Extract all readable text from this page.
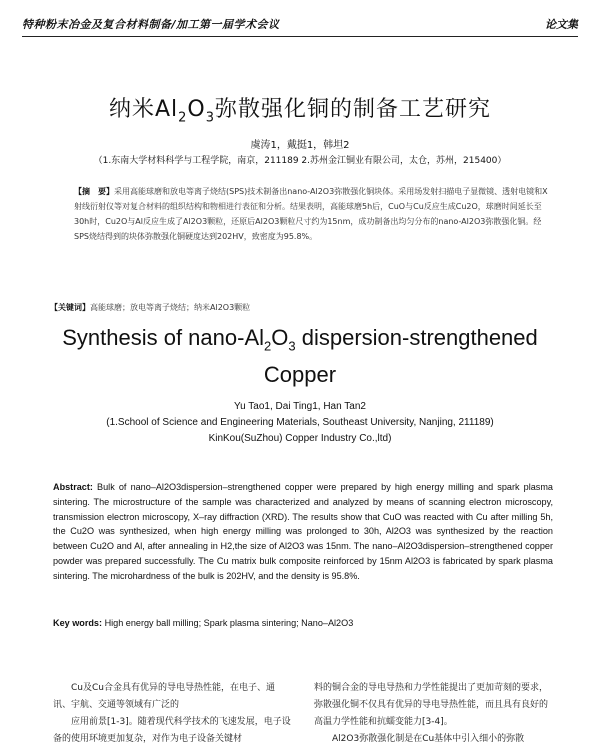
特种粉末冶金及复合材料制备/加工第一届学术会议	论文集
纳米$Al_2O_3$弥散强化铜的制备工艺研究
虞涛1，戴挺1，韩坦2
（1.东南大学材料科学与工程学院，南京，211189 2.苏州金江铜业有限公司，太仓，苏州，215400）
【摘　要】采用高能球磨和放电等离子烧结(SPS)技术制备出nano-Al2O3弥散强化铜块体。采用场发射扫描电子显微镜、透射电镜和X射线衍射仪等对复合材料的组织结构和物相进行表征和分析。结果表明，高能球磨5h后，CuO与Cu反应生成Cu2O，球磨时间延长至30h时，Cu2O与Al反应生成了Al2O3颗粒，还原后Al2O3颗粒尺寸约为15nm，成功制备出均匀分布的nano-Al2O3弥散强化铜。经SPS烧结得到的块体弥散强化铜硬度达到202HV，致密度为95.8%。
【关键词】高能球磨；放电等离子烧结；纳米Al2O3颗粒
Synthesis of nano-$Al_2O_3$ dispersion-strengthened
Copper
Yu Tao1, Dai Ting1, Han Tan2
(1.School of Science and Engineering Materials, Southeast University, Nanjing, 211189)
KinKou(SuZhou) Copper Industry Co.,ltd)
Abstract: Bulk of nano–Al2O3dispersion–strengthened copper were prepared by high energy milling and spark plasma sintering. The microstructure of the sample was characterized and analyzed by means of scanning electron microscopy, transmission electron microscopy, X–ray diffraction (XRD). The results show that CuO was reacted with Cu after milling 5h, the Cu2O was synthesized, when high energy milling was prolonged to 30h, Al2O3 was synthesized by the reaction between Cu2O and Al, after annealing in H2,the size of Al2O3 was 15nm. The nano–Al2O3dispersion–strengthened copper powder was prepared successfully. The Cu matrix bulk composite reinforced by 15nm Al2O3 is fabricated by spark plasma sintering. The microhardness of the bulk is 202HV, and the density is 95.8%.
Key words: High energy ball milling; Spark plasma sintering; Nano–Al2O3
Cu及Cu合金具有优异的导电导热性能，在电子、通讯、宇航、交通等领域有广泛的
应用前景[1-3]。随着现代科学技术的飞速发展，电子设备的使用环境更加复杂，对作为电子设备关键材
料的铜合金的导电导热和力学性能提出了更加苛刻的要求，弥散强化铜不仅具有优异的导电导热性能，而且具有良好的高温力学性能和抗蠕变能力[3-4]。
Al2O3弥散强化制是在Cu基体中引入细小的弥散
